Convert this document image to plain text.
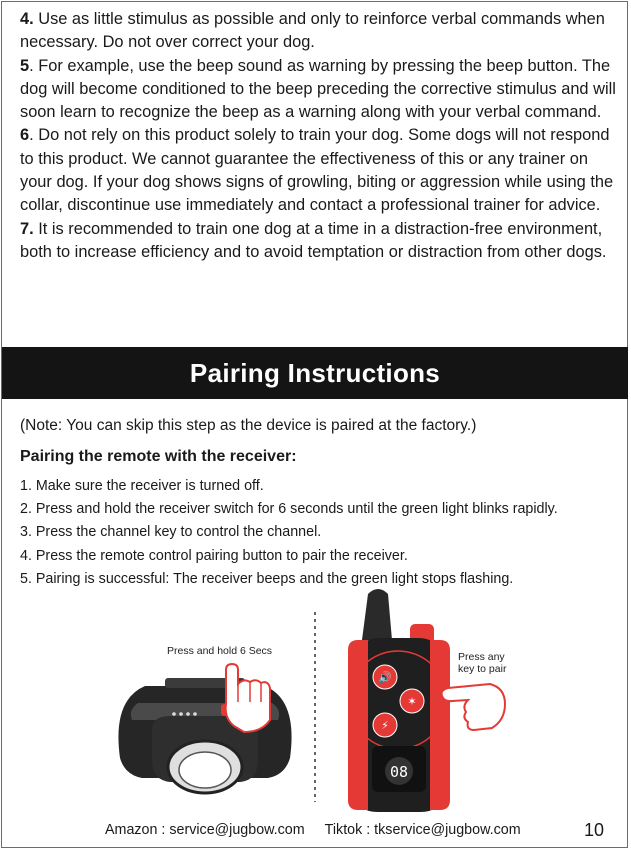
4. Use as little stimulus as possible and only to reinforce verbal commands when necessary. Do not over correct your dog.

5. For example, use the beep sound as warning by pressing the beep button. The dog will become conditioned to the beep preceding the corrective stimulus and will soon learn to recognize the beep as a warning along with your verbal command.

6. Do not rely on this product solely to train your dog. Some dogs will not respond to this product. We cannot guarantee the effectiveness of this or any trainer on your dog. If your dog shows signs of growling, biting or aggression while using the collar, discontinue use immediately and contact a professional trainer for advice.

7. It is recommended to train one dog at a time in a distraction-free environment, both to increase efficiency and to avoid temptation or distraction from other dogs.

Pairing Instructions

(Note: You can skip this step as the device is paired at the factory.)

Pairing the remote with the receiver:

1. Make sure the receiver is turned off.

2. Press and hold the receiver switch for 6 seconds until the green light blinks rapidly.

3. Press the channel key to control the channel.

4. Press the remote control pairing button to pair the receiver.

5. Pairing is successful: The receiver beeps and the green light stops flashing.

Press and hold 6 Secs
🔊
✶
⚡
08
Press any
key to pair
Amazon : service@jugbow.com Tiktok : tkservice@jugbow.com	10
